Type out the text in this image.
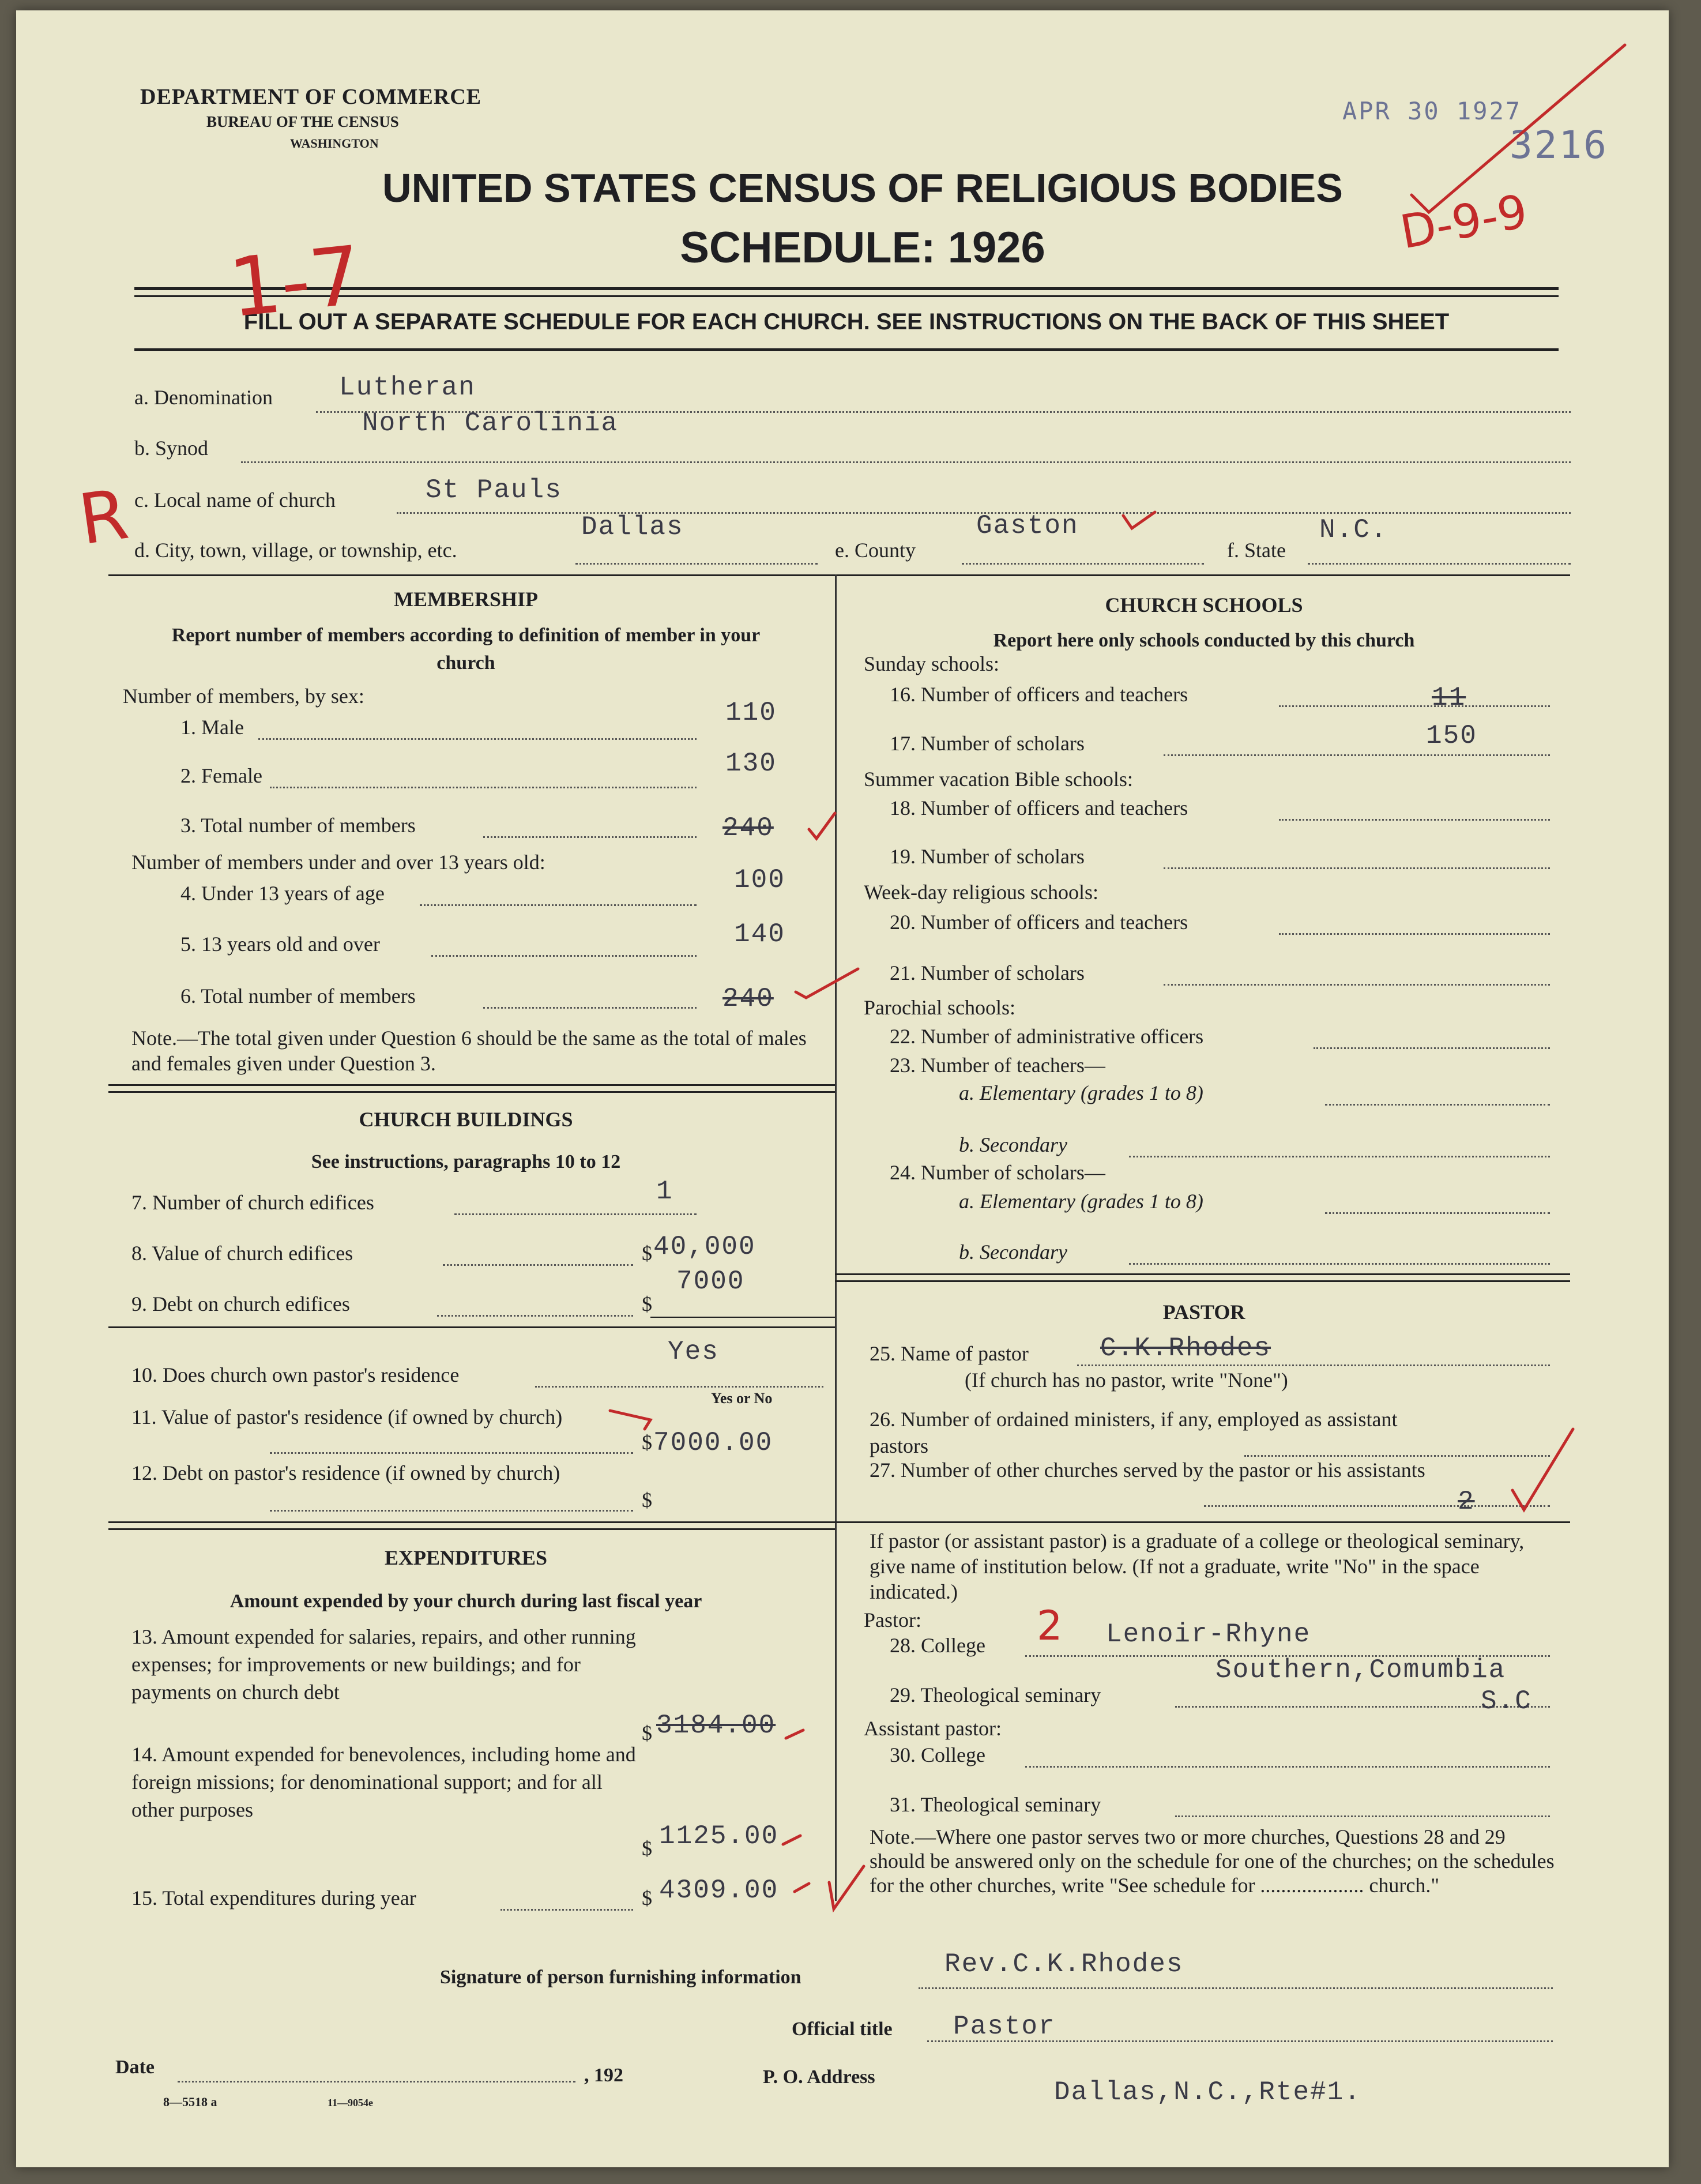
DEPARTMENT OF COMMERCE
BUREAU OF THE CENSUS
WASHINGTON
UNITED STATES CENSUS OF RELIGIOUS BODIES
SCHEDULE: 1926
FILL OUT A SEPARATE SCHEDULE FOR EACH CHURCH. SEE INSTRUCTIONS ON THE BACK OF THIS SHEET
APR 30 1927
3216
1-7
D-9-9
R
a. Denomination	Lutheran
North Carolinia
b. Synod
c. Local name of church	St Pauls
Dallas	Gaston	N.C.
d. City, town, village, or township, etc.	e. County	f. State
MEMBERSHIP
Report number of members according to definition of member in your church
Number of members, by sex:
1. Male	110
2. Female	130
3. Total number of members	240
Number of members under and over 13 years old:
4. Under 13 years of age	100
5. 13 years old and over	140
6. Total number of members	240
Note.—The total given under Question 6 should be the same as the total of males and females given under Question 3.
CHURCH BUILDINGS
See instructions, paragraphs 10 to 12
7. Number of church edifices	1
8. Value of church edifices	$ 40,000
7000
9. Debt on church edifices	$
Yes
10. Does church own pastor's residence
Yes or No
11. Value of pastor's residence (if owned by church)
$ 7000.00
12. Debt on pastor's residence (if owned by church)
$
EXPENDITURES
Amount expended by your church during last fiscal year
13. Amount expended for salaries, repairs, and other running expenses; for improvements or new buildings; and for payments on church debt
$ 3184.00
14. Amount expended for benevolences, including home and foreign missions; for denominational support; and for all other purposes
$ 1125.00
15. Total expenditures during year	$ 4309.00
CHURCH SCHOOLS
Report here only schools conducted by this church
Sunday schools:
16. Number of officers and teachers	11
17. Number of scholars	150
Summer vacation Bible schools:
18. Number of officers and teachers
19. Number of scholars
Week-day religious schools:
20. Number of officers and teachers
21. Number of scholars
Parochial schools:
22. Number of administrative officers
23. Number of teachers—
a. Elementary (grades 1 to 8)
b. Secondary
24. Number of scholars—
a. Elementary (grades 1 to 8)
b. Secondary
PASTOR
25. Name of pastor	C.K.Rhodes
(If church has no pastor, write "None")
26. Number of ordained ministers, if any, employed as assistant pastors
27. Number of other churches served by the pastor or his assistants
2
If pastor (or assistant pastor) is a graduate of a college or theological seminary, give name of institution below. (If not a graduate, write "No" in the space indicated.)
Pastor:
28. College	Lenoir-Rhyne
2
Southern,Comumbia
29. Theological seminary	S.C
Assistant pastor:
30. College
31. Theological seminary
Note.—Where one pastor serves two or more churches, Questions 28 and 29 should be answered only on the schedule for one of the churches; on the schedules for the other churches, write "See schedule for .................... church."
Signature of person furnishing information	Rev.C.K.Rhodes
Official title Pastor
Date	, 192	P. O. Address
Dallas,N.C.,Rte#1.
8—5518 a	11—9054e
